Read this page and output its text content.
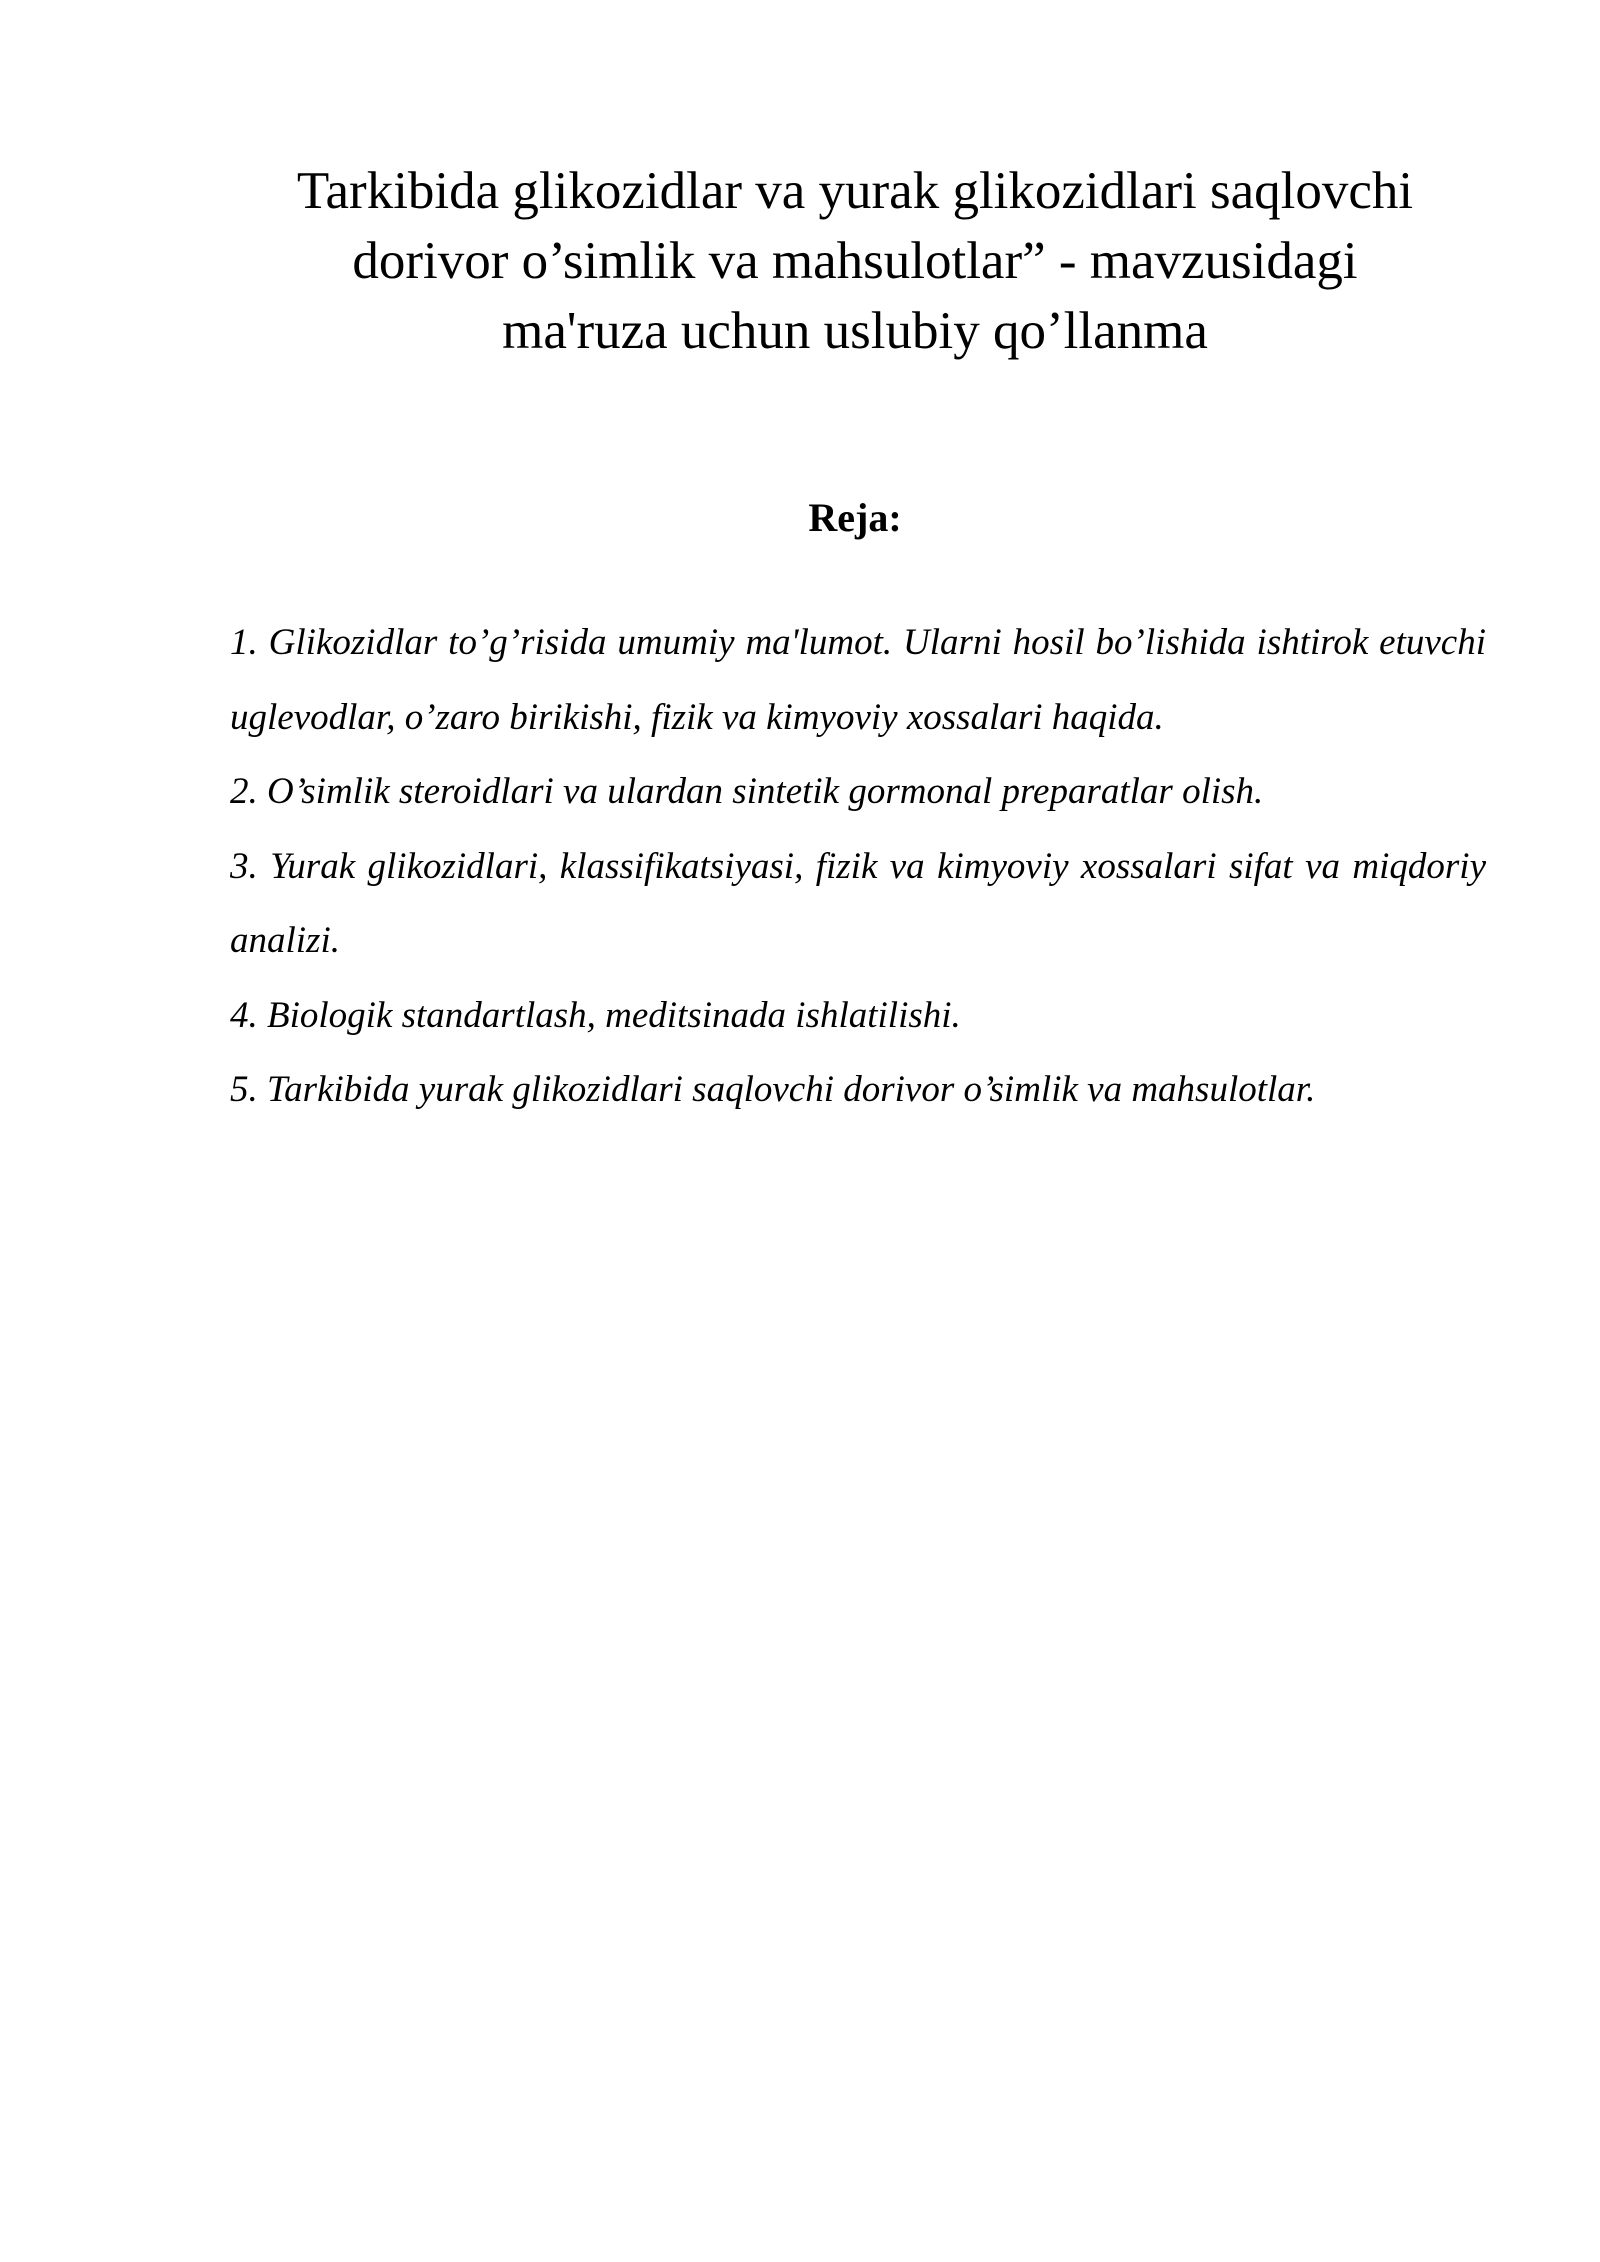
Tarkibida glikozidlar va yurak glikozidlari saqlovchi
dorivor o’simlik va mahsulotlar” - mavzusidagi
ma'ruza uchun uslubiy qo’llanma
Reja:
1. Glikozidlar to’g’risida umumiy ma'lumot. Ularni hosil bo’lishida ishtirok etuvchi uglevodlar, o’zaro birikishi, fizik va kimyoviy xossalari haqida.
2. O’simlik steroidlari va ulardan sintetik gormonal preparatlar olish.
3. Yurak glikozidlari, klassifikatsiyasi, fizik va kimyoviy xossalari sifat va miqdoriy analizi.
4. Biologik standartlash, meditsinada ishlatilishi.
5. Tarkibida yurak glikozidlari saqlovchi dorivor o’simlik va mahsulotlar.
